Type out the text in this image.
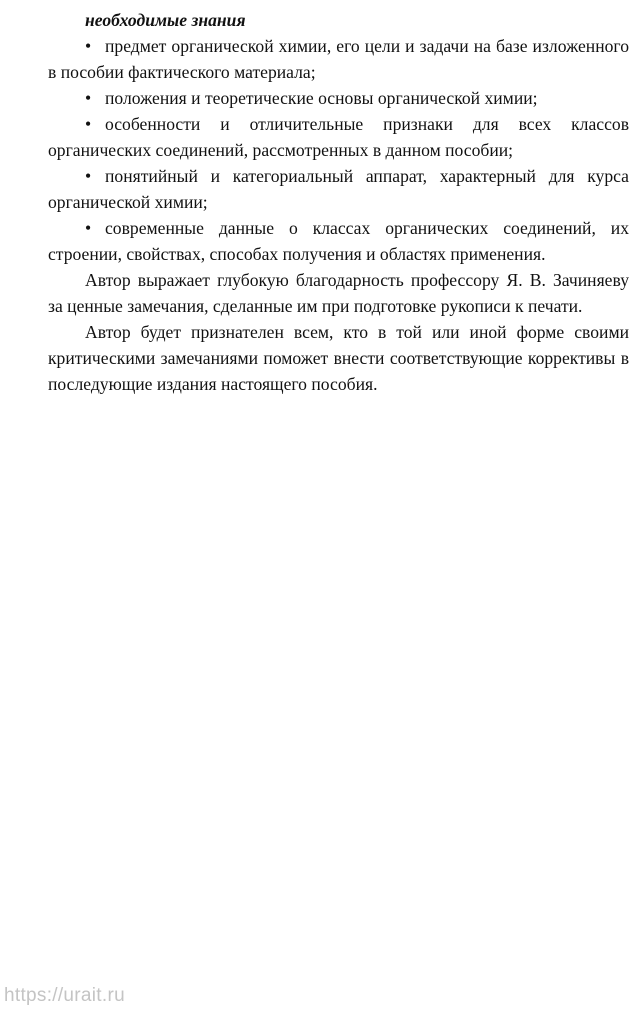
необходимые знания

• предмет органической химии, его цели и задачи на базе изложенного в пособии фактического материала;

• положения и теоретические основы органической химии;

• особенности и отличительные признаки для всех классов органических соединений, рассмотренных в данном пособии;

• понятийный и категориальный аппарат, характерный для курса органической химии;

• современные данные о классах органических соединений, их строении, свойствах, способах получения и областях применения.

Автор выражает глубокую благодарность профессору Я. В. Зачиняеву за ценные замечания, сделанные им при подготовке рукописи к печати.

Автор будет признателен всем, кто в той или иной форме своими критическими замечаниями поможет внести соответствующие коррективы в последующие издания настоящего пособия.

https://urait.ru
